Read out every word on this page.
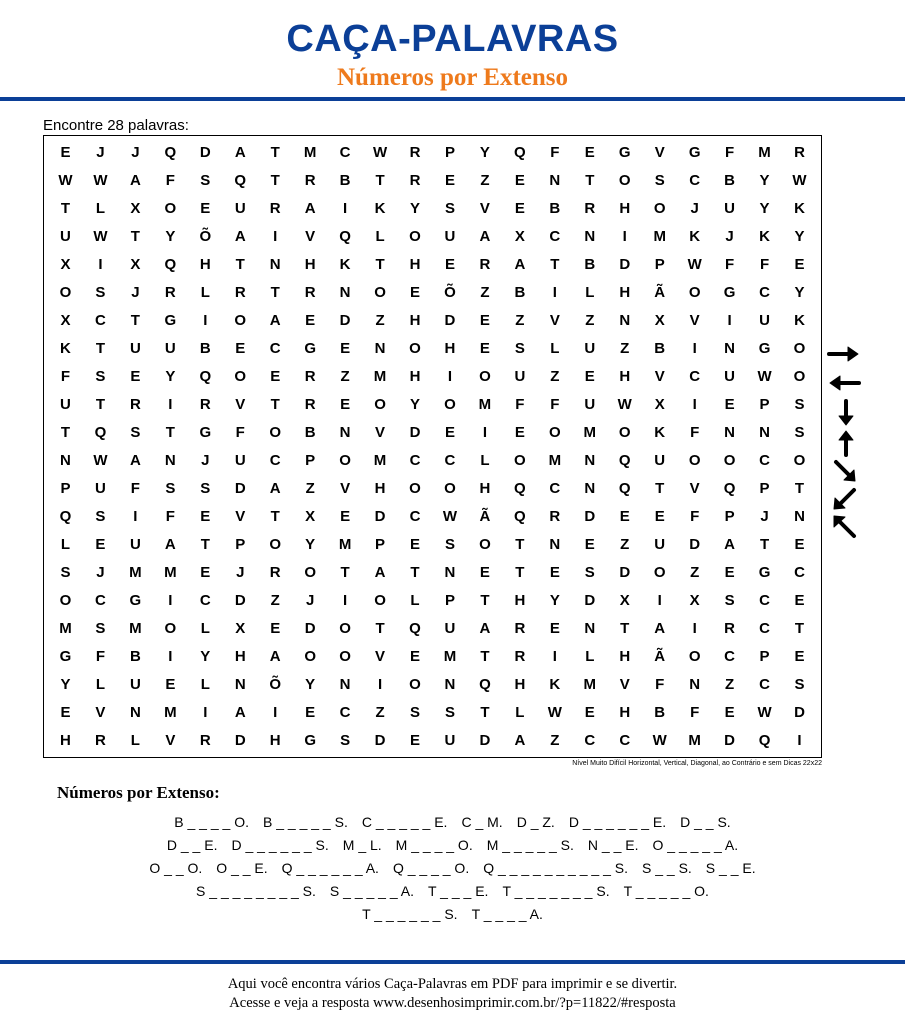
CAÇA-PALAVRAS
Números por Extenso
Encontre 28 palavras:
E	J	J	Q	D	A	T	M	C	W	R	P	Y	Q	F	E	G	V	G	F	M	R
W	W	A	F	S	Q	T	R	B	T	R	E	Z	E	N	T	O	S	C	B	Y	W
T	L	X	O	E	U	R	A	I	K	Y	S	V	E	B	R	H	O	J	U	Y	K
U	W	T	Y	Õ	A	I	V	Q	L	O	U	A	X	C	N	I	M	K	J	K	Y
X	I	X	Q	H	T	N	H	K	T	H	E	R	A	T	B	D	P	W	F	F	E
O	S	J	R	L	R	T	R	N	O	E	Õ	Z	B	I	L	H	Ã	O	G	C	Y
X	C	T	G	I	O	A	E	D	Z	H	D	E	Z	V	Z	N	X	V	I	U	K
K	T	U	U	B	E	C	G	E	N	O	H	E	S	L	U	Z	B	I	N	G	O
F	S	E	Y	Q	O	E	R	Z	M	H	I	O	U	Z	E	H	V	C	U	W	O
U	T	R	I	R	V	T	R	E	O	Y	O	M	F	F	U	W	X	I	E	P	S
T	Q	S	T	G	F	O	B	N	V	D	E	I	E	O	M	O	K	F	N	N	S
N	W	A	N	J	U	C	P	O	M	C	C	L	O	M	N	Q	U	O	O	C	O
P	U	F	S	S	D	A	Z	V	H	O	O	H	Q	C	N	Q	T	V	Q	P	T
Q	S	I	F	E	V	T	X	E	D	C	W	Ã	Q	R	D	E	E	F	P	J	N
L	E	U	A	T	P	O	Y	M	P	E	S	O	T	N	E	Z	U	D	A	T	E
S	J	M	M	E	J	R	O	T	A	T	N	E	T	E	S	D	O	Z	E	G	C
O	C	G	I	C	D	Z	J	I	O	L	P	T	H	Y	D	X	I	X	S	C	E
M	S	M	O	L	X	E	D	O	T	Q	U	A	R	E	N	T	A	I	R	C	T
G	F	B	I	Y	H	A	O	O	V	E	M	T	R	I	L	H	Ã	O	C	P	E
Y	L	U	E	L	N	Õ	Y	N	I	O	N	Q	H	K	M	V	F	N	Z	C	S
E	V	N	M	I	A	I	E	C	Z	S	S	T	L	W	E	H	B	F	E	W	D
H	R	L	V	R	D	H	G	S	D	E	U	D	A	Z	C	C	W	M	D	Q	I
Nível Muito Difícil Horizontal, Vertical, Diagonal, ao Contrário e sem Dicas 22x22
Números por Extenso:
B _ _ _ _ O. B _ _ _ _ _ S. C _ _ _ _ _ E. C _ M. D _ Z. D _ _ _ _ _ _ E. D _ _ S.
D _ _ E. D _ _ _ _ _ _ S. M _ L. M _ _ _ _ O. M _ _ _ _ _ S. N _ _ E. O _ _ _ _ _ A.
O _ _ O. O _ _ E. Q _ _ _ _ _ _ A. Q _ _ _ _ O. Q _ _ _ _ _ _ _ _ _ _ S. S _ _ S. S _ _ E.
S _ _ _ _ _ _ _ _ S. S _ _ _ _ _ A. T _ _ _ E. T _ _ _ _ _ _ _ S. T _ _ _ _ _ O.
T _ _ _ _ _ _ S. T _ _ _ _ A.
Aqui você encontra vários Caça-Palavras em PDF para imprimir e se divertir.
Acesse e veja a resposta www.desenhosimprimir.com.br/?p=11822/#resposta
